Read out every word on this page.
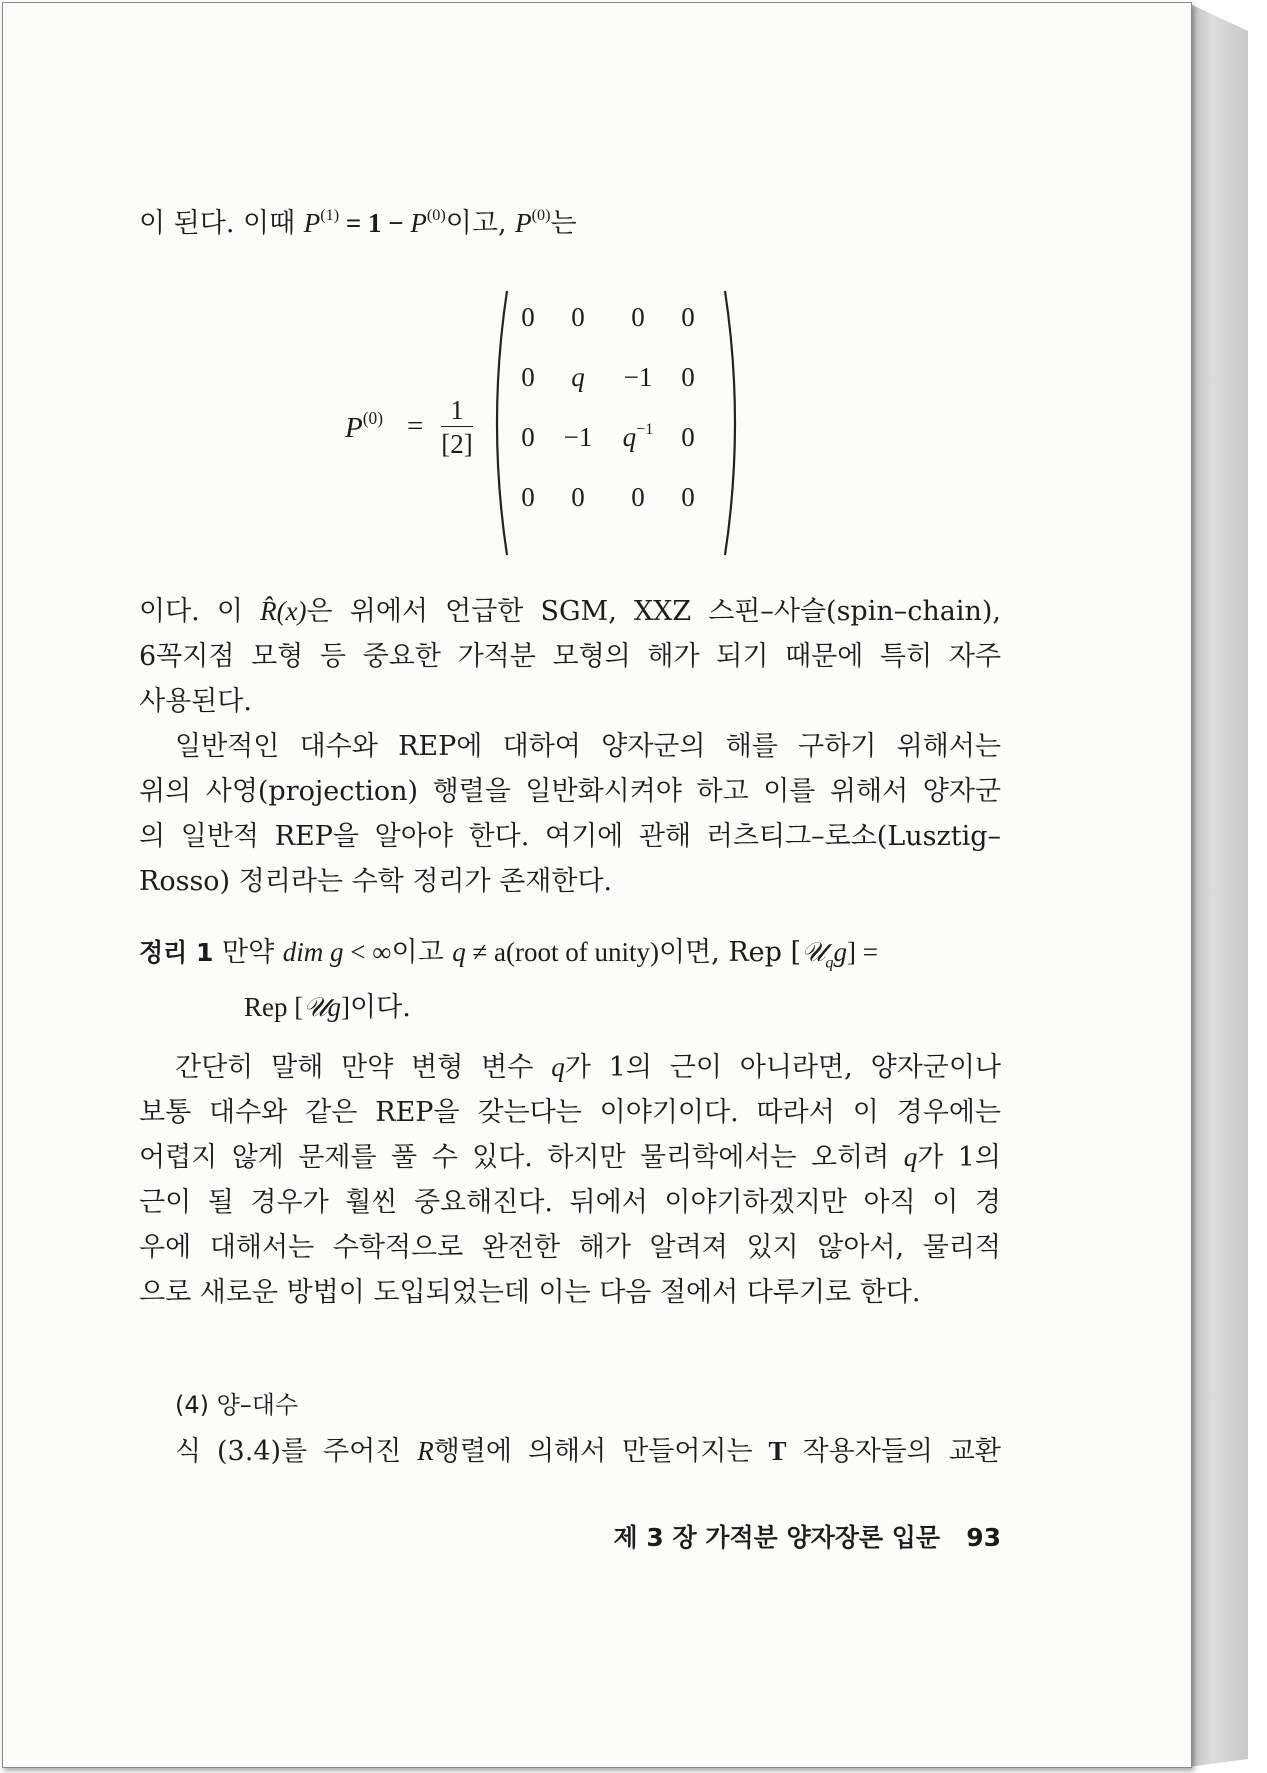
이 된다. 이때 $P^{(1)} = 1 - P^{(0)}$이고, $P^{(0)}$는
$P^{(0)} = \frac{1}{[2]}$
0	0	0	0
0	q	−1	0
0	−1	$q^{-1}$	0
0	0	0	0
이다. 이 R̂(x)은 위에서 언급한 SGM, XXZ 스핀–사슬(spin–chain),
6꼭지점 모형 등 중요한 가적분 모형의 해가 되기 때문에 특히 자주
사용된다.
일반적인 대수와 REP에 대하여 양자군의 해를 구하기 위해서는
위의 사영(projection) 행렬을 일반화시켜야 하고 이를 위해서 양자군
의 일반적 REP을 알아야 한다. 여기에 관해 러츠티그–로소(Lusztig–
Rosso) 정리라는 수학 정리가 존재한다.
정리 1 만약 dim g < ∞이고 q ≠ a(root of unity)이면, Rep [𝒰$_q$g] =
Rep [𝒰g]이다.
간단히 말해 만약 변형 변수 q가 1의 근이 아니라면, 양자군이나
보통 대수와 같은 REP을 갖는다는 이야기이다. 따라서 이 경우에는
어렵지 않게 문제를 풀 수 있다. 하지만 물리학에서는 오히려 q가 1의
근이 될 경우가 훨씬 중요해진다. 뒤에서 이야기하겠지만 아직 이 경
우에 대해서는 수학적으로 완전한 해가 알려져 있지 않아서, 물리적
으로 새로운 방법이 도입되었는데 이는 다음 절에서 다루기로 한다.
(4) 양–대수
식 (3.4)를 주어진 R행렬에 의해서 만들어지는 T 작용자들의 교환
제 3 장 가적분 양자장론 입문 93
